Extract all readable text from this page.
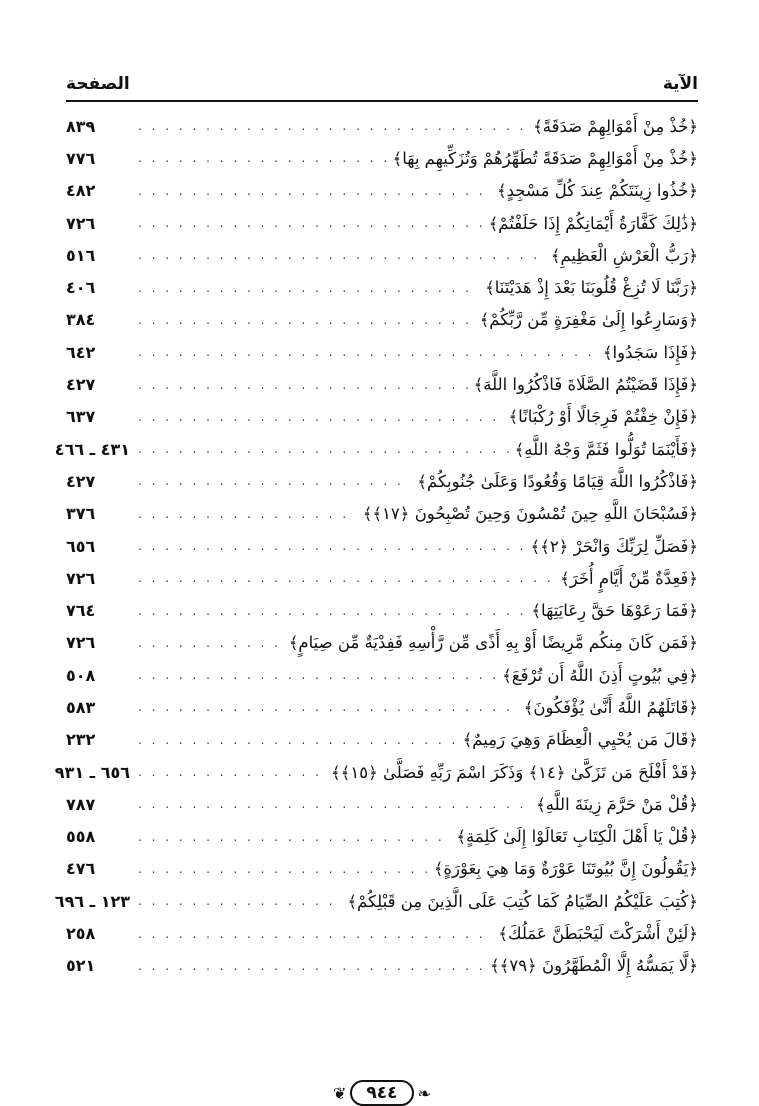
الآية
الصفحة
﴿خُذْ مِنْ أَمْوَالِهِمْ صَدَقَةً﴾
. . .
٨٣٩
﴿خُذْ مِنْ أَمْوَالِهِمْ صَدَقَةً تُطَهِّرُهُمْ وَتُزَكِّيهِم بِهَا﴾
. . .
٧٧٦
﴿خُذُوا زِينَتَكُمْ عِندَ كُلِّ مَسْجِدٍ﴾
. . .
٤٨٢
﴿ذَٰلِكَ كَفَّارَةُ أَيْمَانِكُمْ إِذَا حَلَفْتُمْ﴾
. . .
٧٢٦
﴿رَبُّ الْعَرْشِ الْعَظِيمِ﴾
. . .
٥١٦
﴿رَبَّنَا لَا تُزِغْ قُلُوبَنَا بَعْدَ إِذْ هَدَيْتَنَا﴾
. . .
٤٠٦
﴿وَسَارِعُوا إِلَىٰ مَغْفِرَةٍ مِّن رَّبِّكُمْ﴾
. . .
٣٨٤
﴿فَإِذَا سَجَدُوا﴾
. . .
٦٤٢
﴿فَإِذَا قَضَيْتُمُ الصَّلَاةَ فَاذْكُرُوا اللَّهَ﴾
. . .
٤٢٧
﴿فَإِنْ خِفْتُمْ فَرِجَالًا أَوْ رُكْبَانًا﴾
. . .
٦٣٧
﴿فَأَيْنَمَا تُوَلُّوا فَثَمَّ وَجْهُ اللَّهِ﴾
. . .
٤٣١ ـ ٤٦٦
﴿فَاذْكُرُوا اللَّهَ قِيَامًا وَقُعُودًا وَعَلَىٰ جُنُوبِكُمْ﴾
. . .
٤٢٧
﴿فَسُبْحَانَ اللَّهِ حِينَ تُمْسُونَ وَحِينَ تُصْبِحُونَ ﴿١٧﴾﴾
. . .
٣٧٦
﴿فَصَلِّ لِرَبِّكَ وَانْحَرْ ﴿٢﴾﴾
. . .
٦٥٦
﴿فَعِدَّةٌ مِّنْ أَيَّامٍ أُخَرَ﴾
. . .
٧٢٦
﴿فَمَا رَعَوْهَا حَقَّ رِعَايَتِهَا﴾
. . .
٧٦٤
﴿فَمَن كَانَ مِنكُم مَّرِيضًا أَوْ بِهِ أَذًى مِّن رَّأْسِهِ فَفِدْيَةٌ مِّن صِيَامٍ﴾
. . .
٧٢٦
﴿فِي بُيُوتٍ أَذِنَ اللَّهُ أَن تُرْفَعَ﴾
. . .
٥٠٨
﴿قَاتَلَهُمُ اللَّهُ أَنَّىٰ يُؤْفَكُونَ﴾
. . .
٥٨٣
﴿قَالَ مَن يُحْيِي الْعِظَامَ وَهِيَ رَمِيمٌ﴾
. . .
٢٣٢
﴿قَدْ أَفْلَحَ مَن تَزَكَّىٰ ﴿١٤﴾ وَذَكَرَ اسْمَ رَبِّهِ فَصَلَّىٰ ﴿١٥﴾﴾
. . .
٦٥٦ ـ ٩٣١
﴿قُلْ مَنْ حَرَّمَ زِينَةَ اللَّهِ﴾
. . .
٧٨٧
﴿قُلْ يَا أَهْلَ الْكِتَابِ تَعَالَوْا إِلَىٰ كَلِمَةٍ﴾
. . .
٥٥٨
﴿يَقُولُونَ إِنَّ بُيُوتَنَا عَوْرَةٌ وَمَا هِيَ بِعَوْرَةٍ﴾
. . .
٤٧٦
﴿كُتِبَ عَلَيْكُمُ الصِّيَامُ كَمَا كُتِبَ عَلَى الَّذِينَ مِن قَبْلِكُمْ﴾
. . .
١٢٣ ـ ٦٩٦
﴿لَئِنْ أَشْرَكْتَ لَيَحْبَطَنَّ عَمَلُكَ﴾
. . .
٢٥٨
﴿لَّا يَمَسُّهُ إِلَّا الْمُطَهَّرُونَ ﴿٧٩﴾﴾
. . .
٥٢١
❧
٩٤٤
❦
